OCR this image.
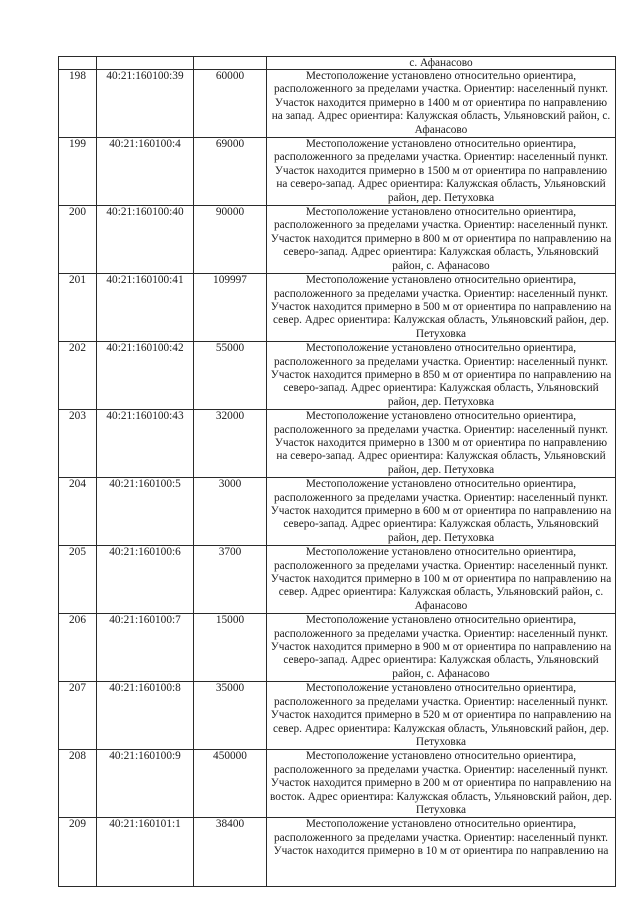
			с. Афанасово
198	40:21:160100:39	60000	Местоположение установлено относительно ориентира, расположенного за пределами участка. Ориентир: населенный пункт. Участок находится примерно в 1400 м от ориентира по направлению на запад. Адрес ориентира: Калужская область, Ульяновский район, с. Афанасово

199	40:21:160100:4	69000	Местоположение установлено относительно ориентира, расположенного за пределами участка. Ориентир: населенный пункт. Участок находится примерно в 1500 м от ориентира по направлению на северо-запад. Адрес ориентира: Калужская область, Ульяновский район, дер. Петуховка

200	40:21:160100:40	90000	Местоположение установлено относительно ориентира, расположенного за пределами участка. Ориентир: населенный пункт. Участок находится примерно в 800 м от ориентира по направлению на северо-запад. Адрес ориентира: Калужская область, Ульяновский район, с. Афанасово

201	40:21:160100:41	109997	Местоположение установлено относительно ориентира, расположенного за пределами участка. Ориентир: населенный пункт. Участок находится примерно в 500 м от ориентира по направлению на север. Адрес ориентира: Калужская область, Ульяновский район, дер. Петуховка

202	40:21:160100:42	55000	Местоположение установлено относительно ориентира, расположенного за пределами участка. Ориентир: населенный пункт. Участок находится примерно в 850 м от ориентира по направлению на северо-запад. Адрес ориентира: Калужская область, Ульяновский район, дер. Петуховка

203	40:21:160100:43	32000	Местоположение установлено относительно ориентира, расположенного за пределами участка. Ориентир: населенный пункт. Участок находится примерно в 1300 м от ориентира по направлению на северо-запад. Адрес ориентира: Калужская область, Ульяновский район, дер. Петуховка

204	40:21:160100:5	3000	Местоположение установлено относительно ориентира, расположенного за пределами участка. Ориентир: населенный пункт. Участок находится примерно в 600 м от ориентира по направлению на северо-запад. Адрес ориентира: Калужская область, Ульяновский район, дер. Петуховка

205	40:21:160100:6	3700	Местоположение установлено относительно ориентира, расположенного за пределами участка. Ориентир: населенный пункт. Участок находится примерно в 100 м от ориентира по направлению на север. Адрес ориентира: Калужская область, Ульяновский район, с. Афанасово

206	40:21:160100:7	15000	Местоположение установлено относительно ориентира, расположенного за пределами участка. Ориентир: населенный пункт. Участок находится примерно в 900 м от ориентира по направлению на северо-запад. Адрес ориентира: Калужская область, Ульяновский район, с. Афанасово

207	40:21:160100:8	35000	Местоположение установлено относительно ориентира, расположенного за пределами участка. Ориентир: населенный пункт. Участок находится примерно в 520 м от ориентира по направлению на север. Адрес ориентира: Калужская область, Ульяновский район, дер. Петуховка

208	40:21:160100:9	450000	Местоположение установлено относительно ориентира, расположенного за пределами участка. Ориентир: населенный пункт. Участок находится примерно в 200 м от ориентира по направлению на восток. Адрес ориентира: Калужская область, Ульяновский район, дер. Петуховка

209	40:21:160101:1	38400	Местоположение установлено относительно ориентира, расположенного за пределами участка. Ориентир: населенный пункт. Участок находится примерно в 10 м от ориентира по направлению на
